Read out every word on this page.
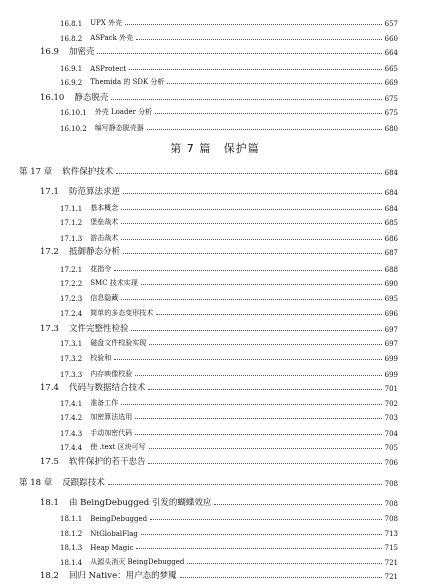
第 7 篇 保护篇
16.8.1 UPX 外壳	657
16.8.2 ASPack 外壳	660
16.9 加密壳	664
16.9.1 ASProtect	665
16.9.2 Themida 的 SDK 分析	669
16.10 静态脱壳	675
16.10.1 外壳 Loader 分析	675
16.10.2 编写静态脱壳器	680
第 17 章 软件保护技术	684
17.1 防范算法求逆	684
17.1.1 基本概念	684
17.1.2 堡垒战术	685
17.1.3 游击战术	686
17.2 抵御静态分析	687
17.2.1 花指令	688
17.2.2 SMC 技术实现	690
17.2.3 信息隐藏	695
17.2.4 简单的多态变形技术	696
17.3 文件完整性检验	697
17.3.1 磁盘文件校验实现	697
17.3.2 校验和	699
17.3.3 内存映像校验	699
17.4 代码与数据结合技术	701
17.4.1 准备工作	702
17.4.2 加密算法选用	703
17.4.3 手动加密代码	704
17.4.4 使 .text 区块可写	705
17.5 软件保护的若干忠告	706
第 18 章 反跟踪技术	708
18.1 由 BeingDebugged 引发的蝴蝶效应	708
18.1.1 BeingDebugged	708
18.1.2 NtGlobalFlag	713
18.1.3 Heap Magic	715
18.1.4 从源头消灭 BeingDebugged	721
18.2 回归 Native：用户态的梦魇	721
